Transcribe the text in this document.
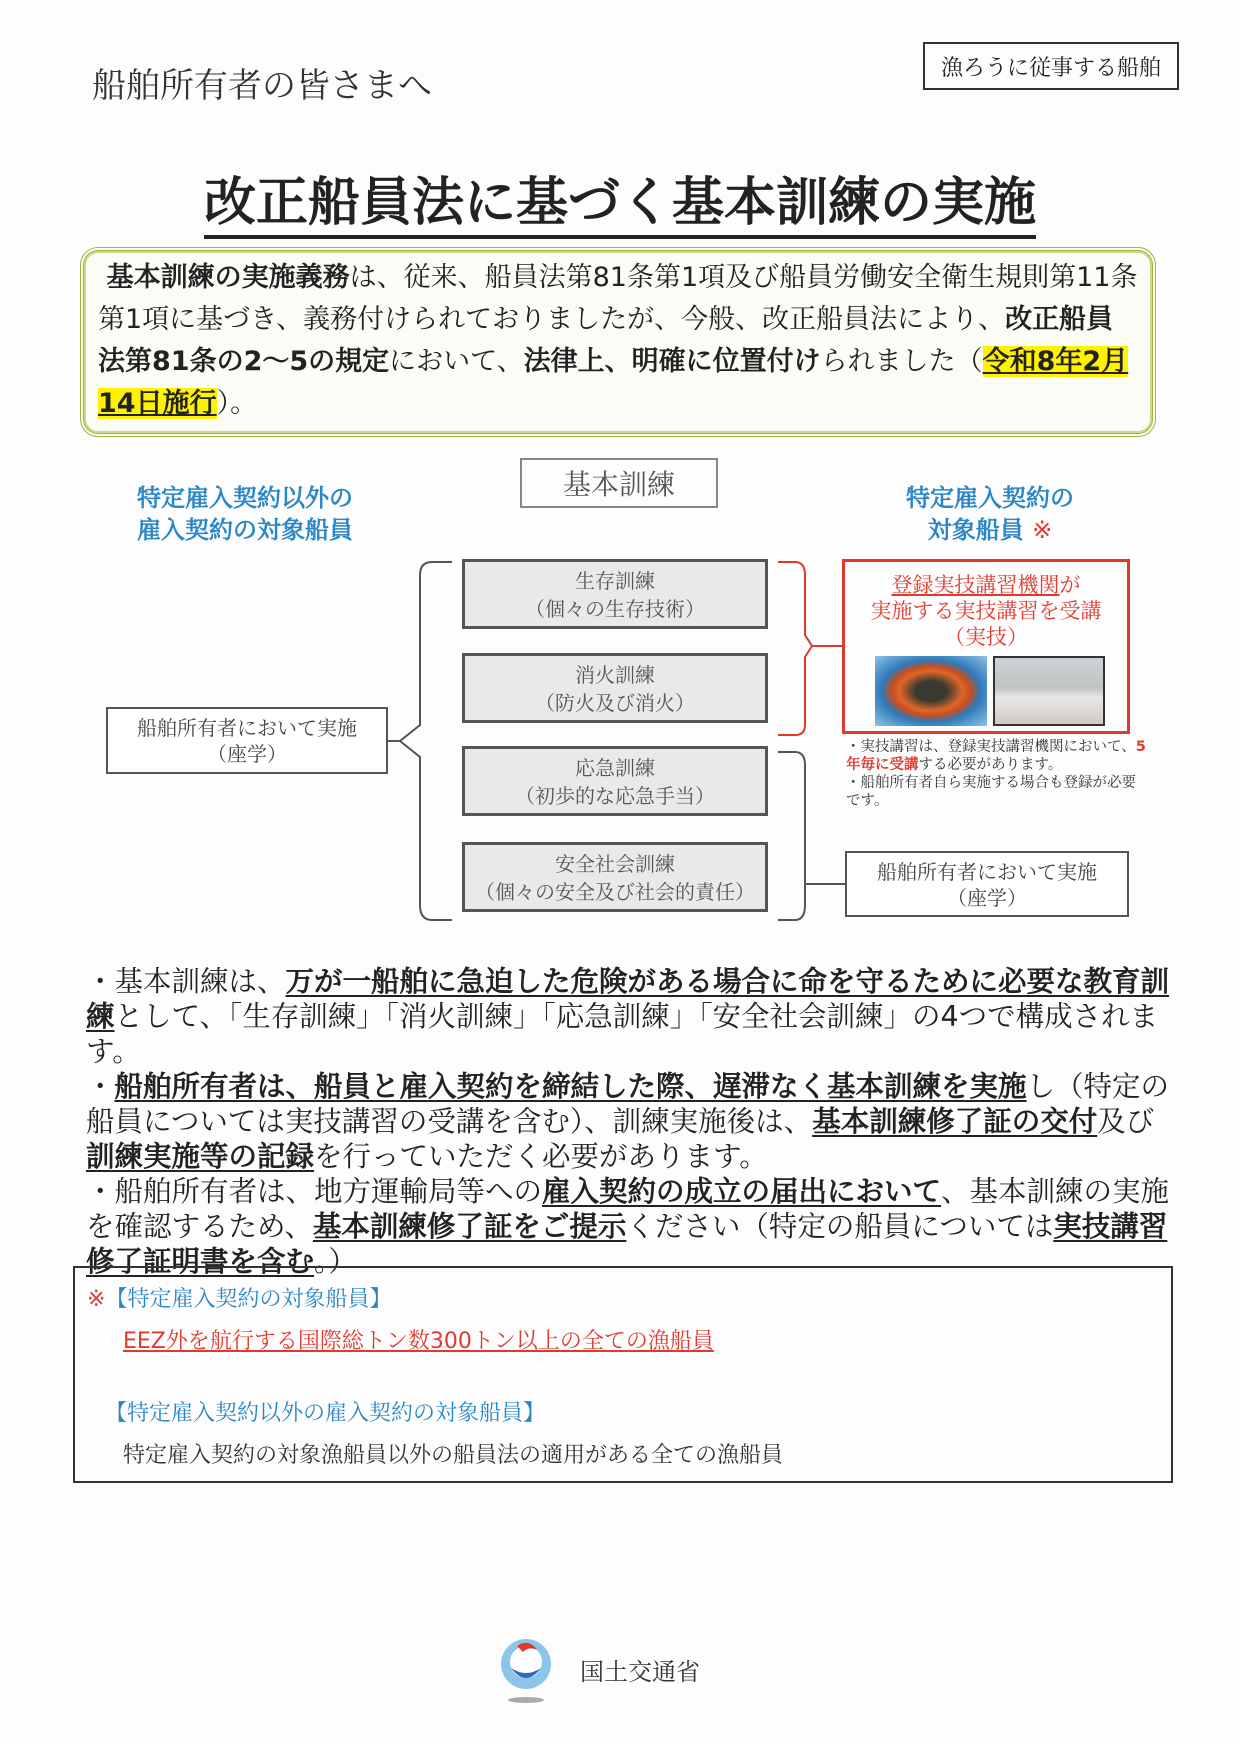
船舶所有者の皆さまへ	漁ろうに従事する船舶
改正船員法に基づく基本訓練の実施
基本訓練の実施義務は、従来、船員法第81条第1項及び船員労働安全衛生規則第11条第1項に基づき、義務付けられておりましたが、今般、改正船員法により、改正船員法第81条の2～5の規定において、法律上、明確に位置付けられました（令和8年2月14日施行）。
基本訓練
特定雇入契約以外の
雇入契約の対象船員
特定雇入契約の
対象船員 ※
生存訓練
（個々の生存技術）
消火訓練
（防火及び消火）
応急訓練
（初歩的な応急手当）
安全社会訓練
（個々の安全及び社会的責任）
船舶所有者において実施
（座学）
登録実技講習機関が
実施する実技講習を受講
（実技）
・実技講習は、登録実技講習機関において、5年毎に受講する必要があります。
・船舶所有者自ら実施する場合も登録が必要です。
船舶所有者において実施
（座学）
・基本訓練は、万が一船舶に急迫した危険がある場合に命を守るために必要な教育訓練として、「生存訓練」「消火訓練」「応急訓練」「安全社会訓練」の4つで構成されます。
・船舶所有者は、船員と雇入契約を締結した際、遅滞なく基本訓練を実施し（特定の船員については実技講習の受講を含む）、訓練実施後は、基本訓練修了証の交付及び訓練実施等の記録を行っていただく必要があります。
・船舶所有者は、地方運輸局等への雇入契約の成立の届出において、基本訓練の実施を確認するため、基本訓練修了証をご提示ください（特定の船員については実技講習修了証明書を含む。）
※【特定雇入契約の対象船員】
EEZ外を航行する国際総トン数300トン以上の全ての漁船員
【特定雇入契約以外の雇入契約の対象船員】
特定雇入契約の対象漁船員以外の船員法の適用がある全ての漁船員
国土交通省
